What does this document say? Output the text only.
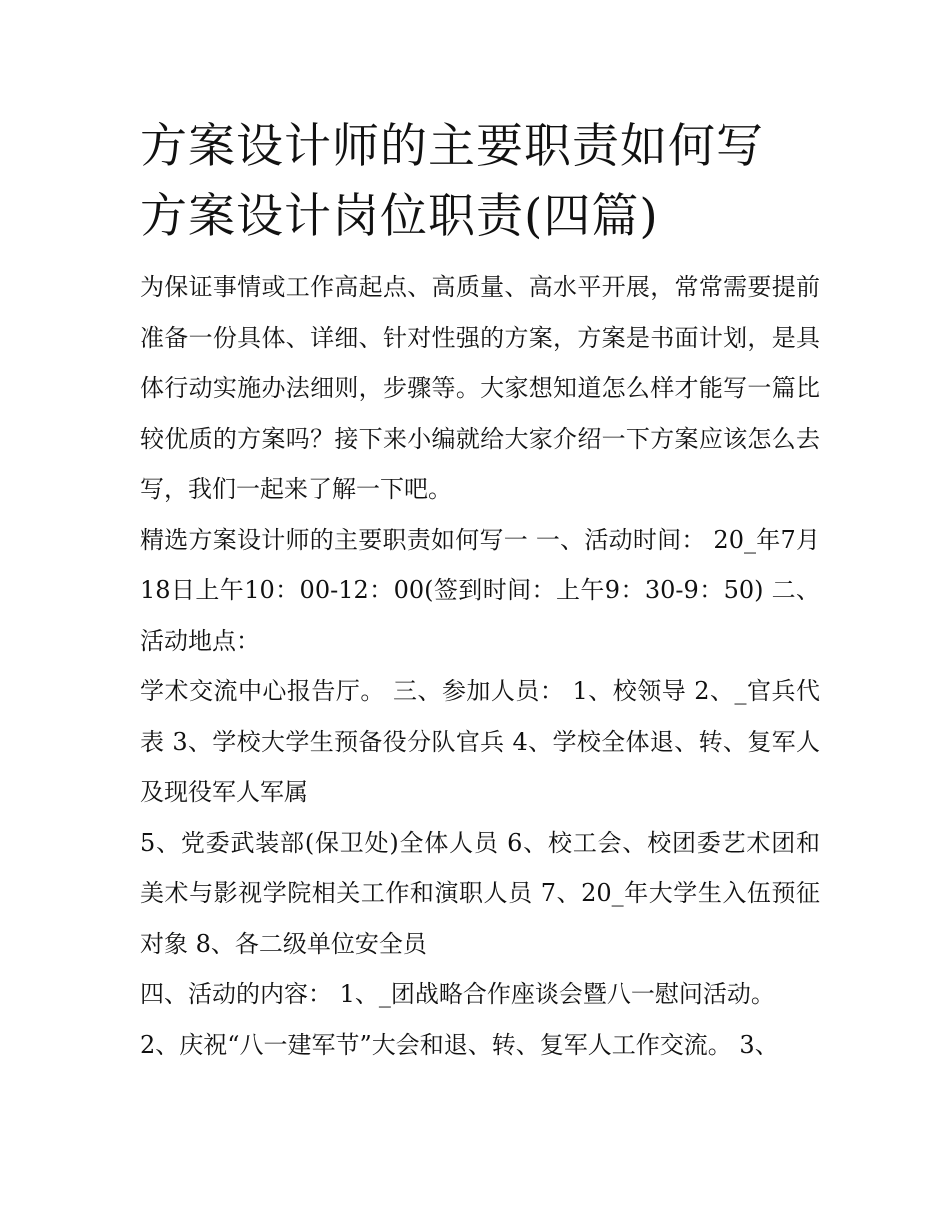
方案设计师的主要职责如何写
方案设计岗位职责(四篇)

为保证事情或工作高起点、高质量、高水平开展，常常需要提前准备一份具体、详细、针对性强的方案，方案是书面计划，是具体行动实施办法细则，步骤等。大家想知道怎么样才能写一篇比较优质的方案吗？接下来小编就给大家介绍一下方案应该怎么去写，我们一起来了解一下吧。

精选方案设计师的主要职责如何写一 一、活动时间： 20_年7月18日上午10：00-12：00(签到时间：上午9：30-9：50) 二、活动地点：

学术交流中心报告厅。 三、参加人员： 1、校领导 2、_官兵代表 3、学校大学生预备役分队官兵 4、学校全体退、转、复军人及现役军人军属

5、党委武装部(保卫处)全体人员 6、校工会、校团委艺术团和美术与影视学院相关工作和演职人员 7、20_年大学生入伍预征对象 8、各二级单位安全员

四、活动的内容： 1、_团战略合作座谈会暨八一慰问活动。

2、庆祝“八一建军节”大会和退、转、复军人工作交流。 3、
